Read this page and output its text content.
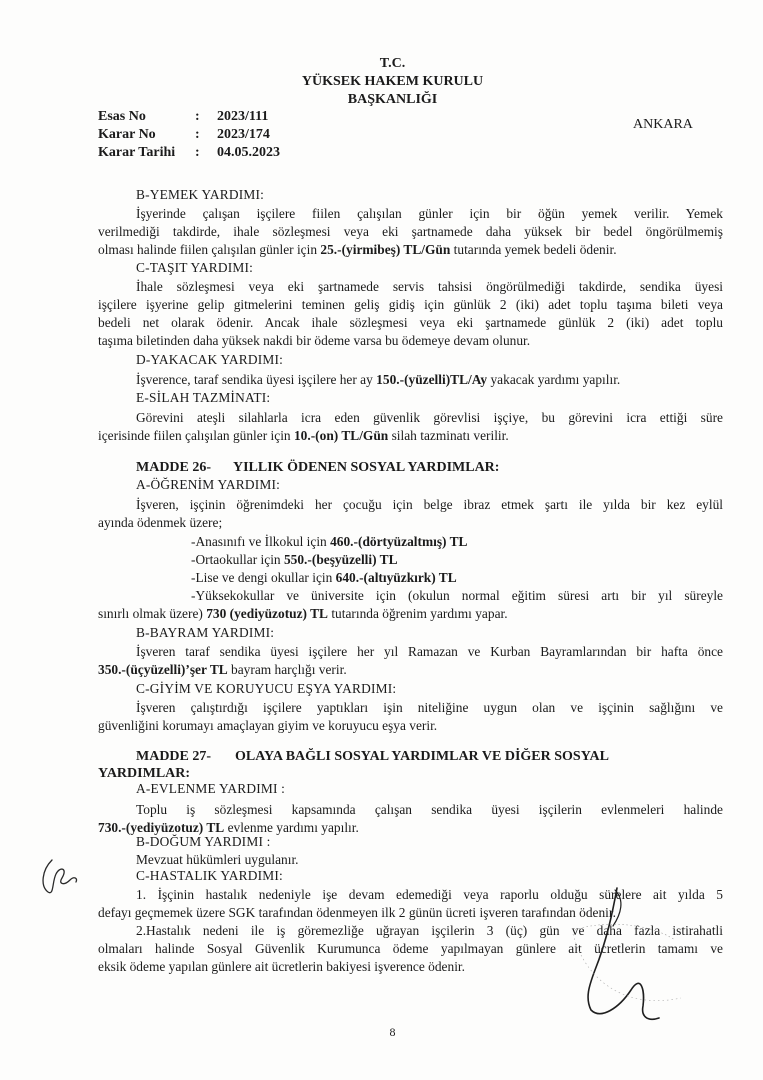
T.C.
YÜKSEK HAKEM KURULU
BAŞKANLIĞI
Esas No	: 2023/111
Karar No	: 2023/174
Karar Tarihi : 04.05.2023
ANKARA
B-YEMEK YARDIMI:
İşyerinde çalışan işçilere fiilen çalışılan günler için bir öğün yemek verilir. Yemek
verilmediği takdirde, ihale sözleşmesi veya eki şartnamede daha yüksek bir bedel öngörülmemiş
olması halinde fiilen çalışılan günler için 25.-(yirmibeş) TL/Gün tutarında yemek bedeli ödenir.
C-TAŞIT YARDIMI:
İhale sözleşmesi veya eki şartnamede servis tahsisi öngörülmediği takdirde, sendika üyesi
işçilere işyerine gelip gitmelerini teminen geliş gidiş için günlük 2 (iki) adet toplu taşıma bileti veya
bedeli net olarak ödenir. Ancak ihale sözleşmesi veya eki şartnamede günlük 2 (iki) adet toplu
taşıma biletinden daha yüksek nakdi bir ödeme varsa bu ödemeye devam olunur.
D-YAKACAK YARDIMI:
İşverence, taraf sendika üyesi işçilere her ay 150.-(yüzelli)TL/Ay yakacak yardımı yapılır.
E-SİLAH TAZMİNATI:
Görevini ateşli silahlarla icra eden güvenlik görevlisi işçiye, bu görevini icra ettiği süre
içerisinde fiilen çalışılan günler için 10.-(on) TL/Gün silah tazminatı verilir.
MADDE 26- YILLIK ÖDENEN SOSYAL YARDIMLAR:
A-ÖĞRENİM YARDIMI:
İşveren, işçinin öğrenimdeki her çocuğu için belge ibraz etmek şartı ile yılda bir kez eylül
ayında ödenmek üzere;
-Anasınıfı ve İlkokul için 460.-(dörtyüzaltmış) TL
-Ortaokullar için 550.-(beşyüzelli) TL
-Lise ve dengi okullar için 640.-(altıyüzkırk) TL
-Yüksekokullar ve üniversite için (okulun normal eğitim süresi artı bir yıl süreyle
sınırlı olmak üzere) 730 (yediyüzotuz) TL tutarında öğrenim yardımı yapar.
B-BAYRAM YARDIMI:
İşveren taraf sendika üyesi işçilere her yıl Ramazan ve Kurban Bayramlarından bir hafta önce
350.-(üçyüzelli)’şer TL bayram harçlığı verir.
C-GİYİM VE KORUYUCU EŞYA YARDIMI:
İşveren çalıştırdığı işçilere yaptıkları işin niteliğine uygun olan ve işçinin sağlığını ve
güvenliğini korumayı amaçlayan giyim ve koruyucu eşya verir.
MADDE 27- OLAYA BAĞLI SOSYAL YARDIMLAR VE DİĞER SOSYAL
YARDIMLAR:
A-EVLENME YARDIMI :
Toplu iş sözleşmesi kapsamında çalışan sendika üyesi işçilerin evlenmeleri halinde
730.-(yediyüzotuz) TL evlenme yardımı yapılır.
B-DOĞUM YARDIMI :
Mevzuat hükümleri uygulanır.
C-HASTALIK YARDIMI:
1. İşçinin hastalık nedeniyle işe devam edemediği veya raporlu olduğu sürelere ait yılda 5
defayı geçmemek üzere SGK tarafından ödenmeyen ilk 2 günün ücreti işveren tarafından ödenir.
2.Hastalık nedeni ile iş göremezliğe uğrayan işçilerin 3 (üç) gün ve daha fazla istirahatli
olmaları halinde Sosyal Güvenlik Kurumunca ödeme yapılmayan günlere ait ücretlerin tamamı ve
eksik ödeme yapılan günlere ait ücretlerin bakiyesi işverence ödenir.
8
